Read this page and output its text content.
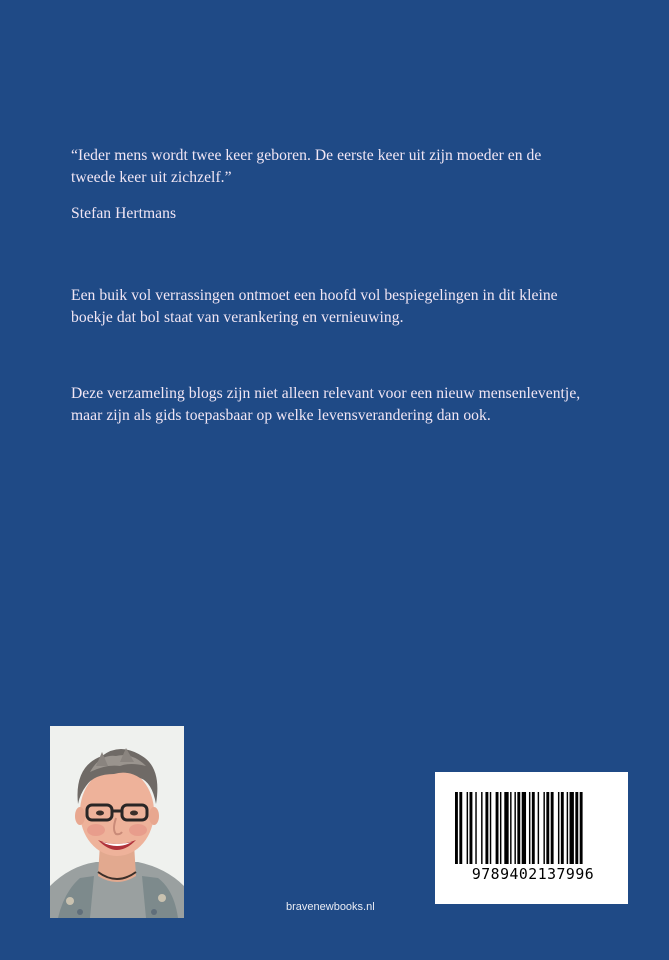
“Ieder mens wordt twee keer geboren. De eerste keer uit zijn moeder en de
tweede keer uit zichzelf.”
Stefan Hertmans
Een buik vol verrassingen ontmoet een hoofd vol bespiegelingen in dit kleine
boekje dat bol staat van verankering en vernieuwing.
Deze verzameling blogs zijn niet alleen relevant voor een nieuw mensenleventje,
maar zijn als gids toepasbaar op welke levensverandering dan ook.
bravenewbooks.nl
9789402137996
